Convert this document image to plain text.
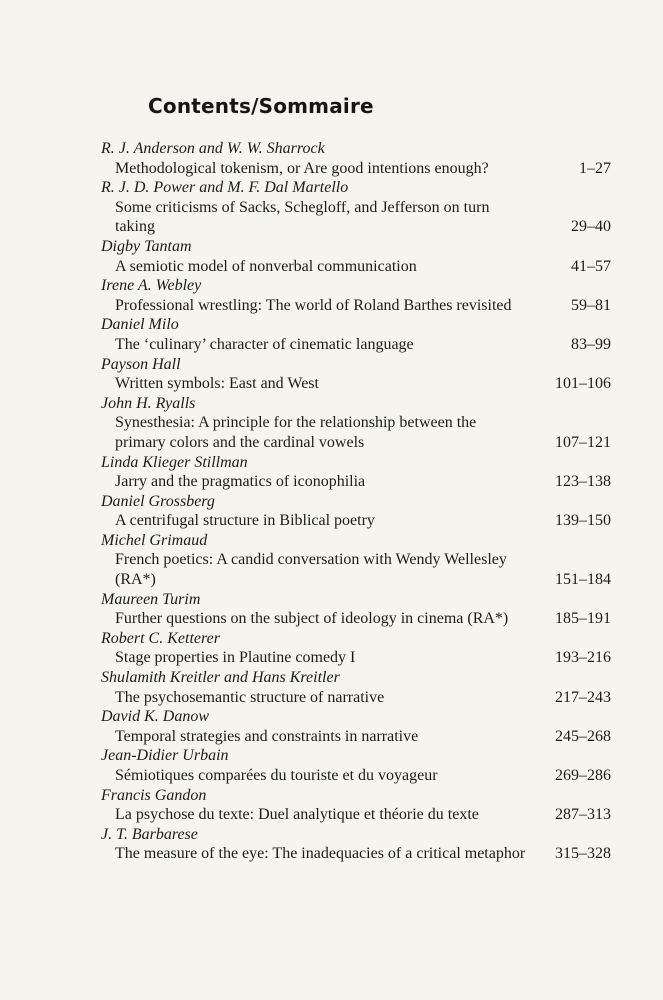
Contents/Sommaire
R. J. Anderson and W. W. Sharrock
Methodological tokenism, or Are good intentions enough?	1–27
R. J. D. Power and M. F. Dal Martello
Some criticisms of Sacks, Schegloff, and Jefferson on turn taking	29–40
Digby Tantam
A semiotic model of nonverbal communication	41–57
Irene A. Webley
Professional wrestling: The world of Roland Barthes revisited	59–81
Daniel Milo
The ‘culinary’ character of cinematic language	83–99
Payson Hall
Written symbols: East and West	101–106
John H. Ryalls
Synesthesia: A principle for the relationship between the primary colors and the cardinal vowels	107–121
Linda Klieger Stillman
Jarry and the pragmatics of iconophilia	123–138
Daniel Grossberg
A centrifugal structure in Biblical poetry	139–150
Michel Grimaud
French poetics: A candid conversation with Wendy Wellesley (RA*)	151–184
Maureen Turim
Further questions on the subject of ideology in cinema (RA*)	185–191
Robert C. Ketterer
Stage properties in Plautine comedy I	193–216
Shulamith Kreitler and Hans Kreitler
The psychosemantic structure of narrative	217–243
David K. Danow
Temporal strategies and constraints in narrative	245–268
Jean-Didier Urbain
Sémiotiques comparées du touriste et du voyageur	269–286
Francis Gandon
La psychose du texte: Duel analytique et théorie du texte	287–313
J. T. Barbarese
The measure of the eye: The inadequacies of a critical metaphor 315–328
